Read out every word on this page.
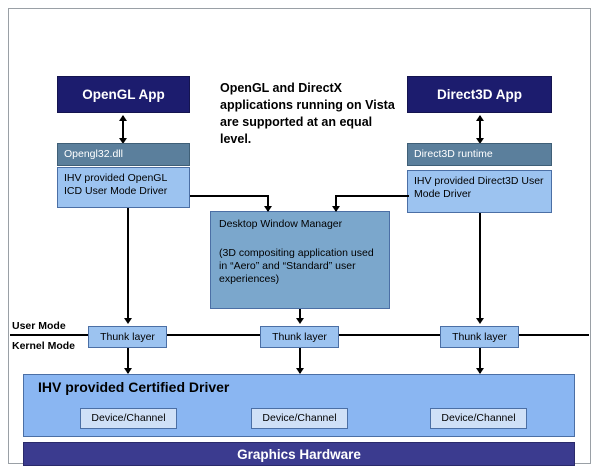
OpenGL and DirectX applications running on Vista are supported at an equal level.
OpenGL App	Direct3D App
Opengl32.dll	Direct3D runtime
IHV provided OpenGL ICD User Mode Driver
IHV provided Direct3D User Mode Driver
Desktop Window Manager
(3D compositing application used in “Aero” and “Standard” user experiences)
User Mode
Kernel Mode
Thunk layer	Thunk layer	Thunk layer
IHV provided Certified Driver
Device/Channel	Device/Channel	Device/Channel
Graphics Hardware
